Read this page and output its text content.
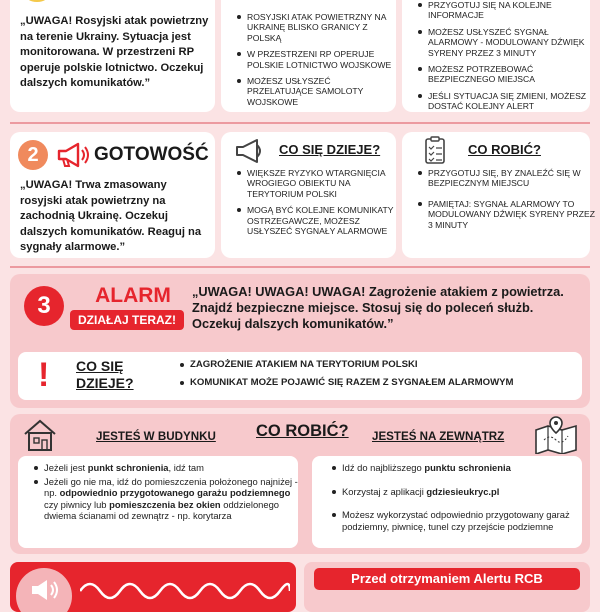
„UWAGA! Rosyjski atak powietrzny na terenie Ukrainy. Sytuacja jest monitorowana. W przestrzeni RP operuje polskie lotnictwo. Oczekuj dalszych komunikatów.”
ROSYJSKI ATAK POWIETRZNY NA UKRAINĘ BLISKO GRANICY Z POLSKĄ
W PRZESTRZENI RP OPERUJE POLSKIE LOTNICTWO WOJSKOWE
MOŻESZ USŁYSZEĆ PRZELATUJĄCE SAMOLOTY WOJSKOWE
PRZYGOTUJ SIĘ NA KOLEJNE INFORMACJE
MOŻESZ USŁYSZEĆ SYGNAŁ ALARMOWY - MODULOWANY DŹWIĘK SYRENY PRZEZ 3 MINUTY
MOŻESZ POTRZEBOWAĆ BEZPIECZNEGO MIEJSCA
JEŚLI SYTUACJA SIĘ ZMIENI, MOŻESZ DOSTAĆ KOLEJNY ALERT
2	GOTOWOŚĆ
„UWAGA! Trwa zmasowany rosyjski atak powietrzny na zachodnią Ukrainę. Oczekuj dalszych komunikatów. Reaguj na sygnały alarmowe.”
CO SIĘ DZIEJE?
WIĘKSZE RYZYKO WTARGNIĘCIA WROGIEGO OBIEKTU NA TERYTORIUM POLSKI
MOGĄ BYĆ KOLEJNE KOMUNIKATY OSTRZEGAWCZE, MOŻESZ USŁYSZEĆ SYGNAŁY ALARMOWE
CO ROBIĆ?
PRZYGOTUJ SIĘ, BY ZNALEŹĆ SIĘ W BEZPIECZNYM MIEJSCU
PAMIĘTAJ: SYGNAŁ ALARMOWY TO MODULOWANY DŹWIĘK SYRENY PRZEZ 3 MINUTY
3	ALARM
DZIAŁAJ TERAZ!
„UWAGA! UWAGA! UWAGA! Zagrożenie atakiem z powietrza. Znajdź bezpieczne miejsce. Stosuj się do poleceń służb. Oczekuj dalszych komunikatów.”
! CO SIĘ
DZIEJE?
ZAGROŻENIE ATAKIEM NA TERYTORIUM POLSKI
KOMUNIKAT MOŻE POJAWIĆ SIĘ RAZEM Z SYGNAŁEM ALARMOWYM
JESTEŚ W BUDYNKU CO ROBIĆ? JESTEŚ NA ZEWNĄTRZ
Jeżeli jest punkt schronienia, idź tam
Jeżeli go nie ma, idź do pomieszczenia położonego najniżej - np. odpowiednio przygotowanego garażu podziemnego czy piwnicy lub pomieszczenia bez okien oddzielonego dwiema ścianami od zewnątrz - np. korytarza
Idź do najbliższego punktu schronienia
Korzystaj z aplikacji gdziesieukryc.pl
Możesz wykorzystać odpowiednio przygotowany garaż podziemny, piwnicę, tunel czy przejście podziemne
Przed otrzymaniem Alertu RCB
